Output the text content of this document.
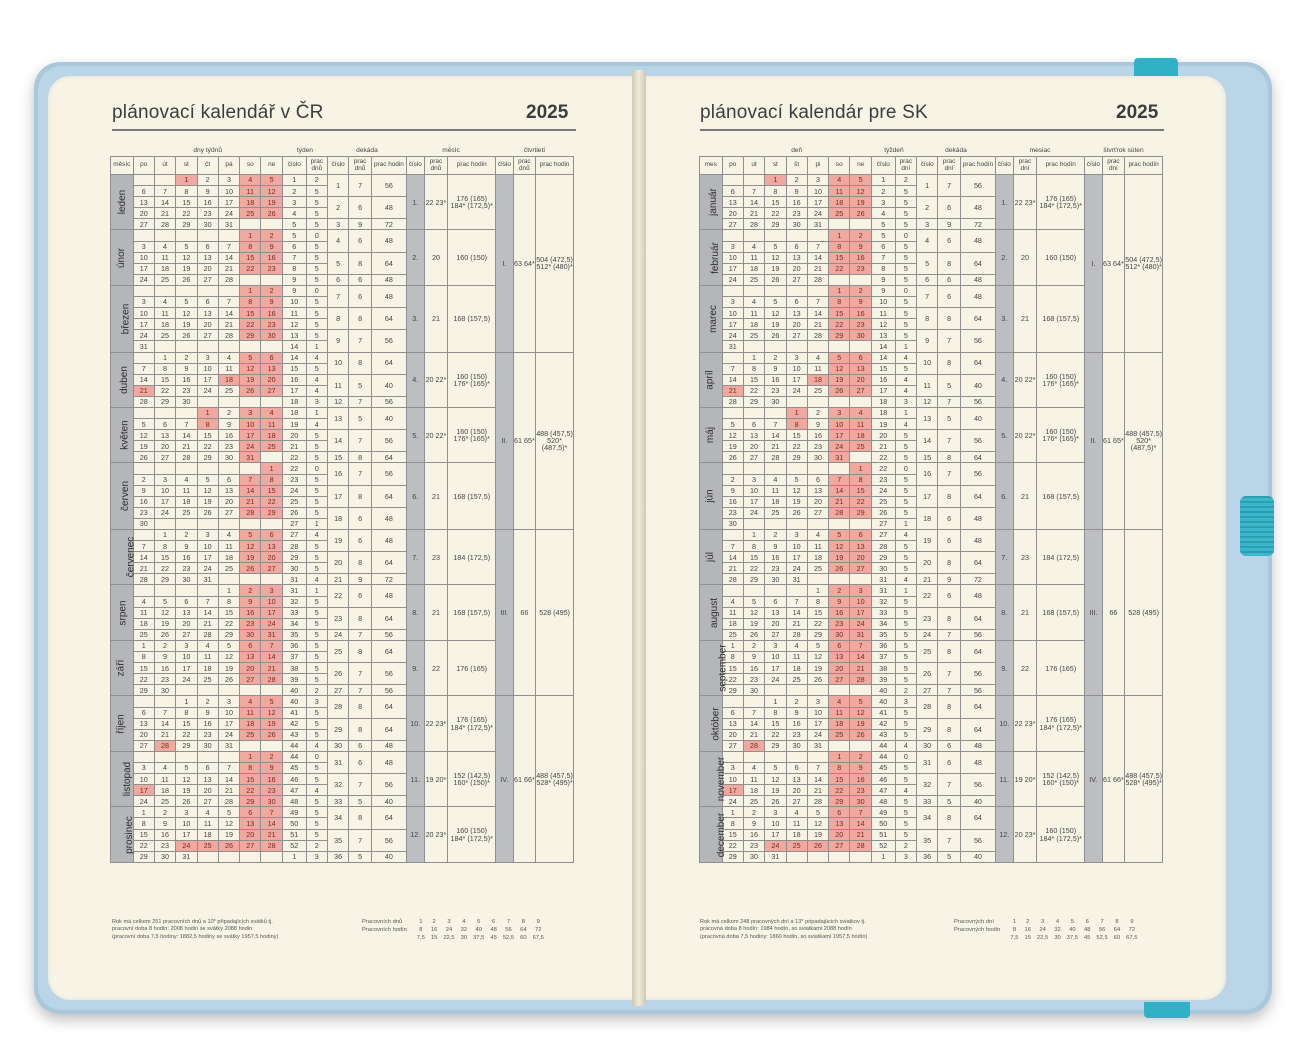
plánovací kalendář v ČR	2025	plánovací kalendár pre SK	2025
	dny týdnů							týden		dekáda			měsíc			čtvrtletí		
měsíc	po	út	st	čt	pá	so	ne	číslo	prac dnů	číslo	prac dnů	prac hodin	číslo	prac dnů	prac hodin	číslo	prac dnů	prac hodin
leden			1	2	3	4	5	1	2	1	7	56	1.	22 23*	176 (165) 184* (172,5)*	I.	63 64*	504 (472,5) 512* (480)*
	6	7	8	9	10	11	12	2	5									
	13	14	15	16	17	18	19	3	5	2	6	48						
	20	21	22	23	24	25	26	4	5									
	27	28	29	30	31			5	5	3	9	72						
únor						1	2	5	0	4	6	48	2.	20	160 (150)			
	3	4	5	6	7	8	9	6	5									
	10	11	12	13	14	15	16	7	5	5	8	64						
	17	18	19	20	21	22	23	8	5									
	24	25	26	27	28			9	5	6	6	48						
březen						1	2	9	0	7	6	48	3.	21	168 (157,5)			
	3	4	5	6	7	8	9	10	5									
	10	11	12	13	14	15	16	11	5	8	8	64						
	17	18	19	20	21	22	23	12	5									
	24	25	26	27	28	29	30	13	5	9	7	56						
	31							14	1									
duben		1	2	3	4	5	6	14	4	10	8	64	4.	20 22*	160 (150) 176* (165)*	II.	61 65*	488 (457,5) 520* (487,5)*
	7	8	9	10	11	12	13	15	5									
	14	15	16	17	18	19	20	16	4	11	5	40						
	21	22	23	24	25	26	27	17	4									
	28	29	30					18	3	12	7	56						
květen				1	2	3	4	18	1	13	5	40	5.	20 22*	160 (150) 176* (165)*			
	5	6	7	8	9	10	11	19	4									
	12	13	14	15	16	17	18	20	5	14	7	56						
	19	20	21	22	23	24	25	21	5									
	26	27	28	29	30	31		22	5	15	8	64						
červen							1	22	0	16	7	56	6.	21	168 (157,5)			
	2	3	4	5	6	7	8	23	5									
	9	10	11	12	13	14	15	24	5	17	8	64						
	16	17	18	19	20	21	22	25	5									
	23	24	25	26	27	28	29	26	5	18	6	48						
	30							27	1									
červenec		1	2	3	4	5	6	27	4	19	6	48	7.	23	184 (172,5)	III.	66	528 (495)
	7	8	9	10	11	12	13	28	5									
	14	15	16	17	18	19	20	29	5	20	8	64						
	21	22	23	24	25	26	27	30	5									
	28	29	30	31				31	4	21	9	72						
srpen					1	2	3	31	1	22	6	48	8.	21	168 (157,5)			
	4	5	6	7	8	9	10	32	5									
	11	12	13	14	15	16	17	33	5	23	8	64						
	18	19	20	21	22	23	24	34	5									
	25	26	27	28	29	30	31	35	5	24	7	56						
září	1	2	3	4	5	6	7	36	5	25	8	64	9.	22	176 (165)			
	8	9	10	11	12	13	14	37	5									
	15	16	17	18	19	20	21	38	5	26	7	56						
	22	23	24	25	26	27	28	39	5									
	29	30						40	2	27	7	56						
říjen			1	2	3	4	5	40	3	28	8	64	10.	22 23*	176 (165) 184* (172,5)*	IV.	61 66*	488 (457,5) 528* (495)*
	6	7	8	9	10	11	12	41	5									
	13	14	15	16	17	18	19	42	5	29	8	64						
	20	21	22	23	24	25	26	43	5									
	27	28	29	30	31			44	4	30	6	48						
listopad						1	2	44	0	31	6	48	11.	19 20*	152 (142,5) 160* (150)*			
	3	4	5	6	7	8	9	45	5									
	10	11	12	13	14	15	16	46	5	32	7	56						
	17	18	19	20	21	22	23	47	4									
	24	25	26	27	28	29	30	48	5	33	5	40						
prosinec	1	2	3	4	5	6	7	49	5	34	8	64	12.	20 23*	160 (150) 184* (172,5)*			
	8	9	10	11	12	13	14	50	5									
	15	16	17	18	19	20	21	51	5	35	7	56						
	22	23	24	25	26	27	28	52	2									
	29	30	31					1	3	36	5	40						
	deň							týždeň		dekáda			mesiac			štvrťrok súten		
mes	po	ut	st	št	pi	so	ne	číslo	prac dní	číslo	prac dní	prac hodín	číslo	prac dní	prac hodín	číslo	prac dní	prac hodín
január			1	2	3	4	5	1	2	1	7	56	1.	22 23*	176 (165) 184* (172,5)*	I.	63 64*	504 (472,5) 512* (480)*
	6	7	8	9	10	11	12	2	5									
	13	14	15	16	17	18	19	3	5	2	6	48						
	20	21	22	23	24	25	26	4	5									
	27	28	29	30	31			5	5	3	9	72						
február						1	2	5	0	4	6	48	2.	20	160 (150)			
	3	4	5	6	7	8	9	6	5									
	10	11	12	13	14	15	16	7	5	5	8	64						
	17	18	19	20	21	22	23	8	5									
	24	25	26	27	28			9	5	6	6	48						
marec						1	2	9	0	7	6	48	3.	21	168 (157,5)			
	3	4	5	6	7	8	9	10	5									
	10	11	12	13	14	15	16	11	5	8	8	64						
	17	18	19	20	21	22	23	12	5									
	24	25	26	27	28	29	30	13	5	9	7	56						
	31							14	1									
apríl		1	2	3	4	5	6	14	4	10	8	64	4.	20 22*	160 (150) 176* (165)*	II.	61 65*	488 (457,5) 520* (487,5)*
	7	8	9	10	11	12	13	15	5									
	14	15	16	17	18	19	20	16	4	11	5	40						
	21	22	23	24	25	26	27	17	4									
	28	29	30					18	3	12	7	56						
máj				1	2	3	4	18	1	13	5	40	5.	20 22*	160 (150) 176* (165)*			
	5	6	7	8	9	10	11	19	4									
	12	13	14	15	16	17	18	20	5	14	7	56						
	19	20	21	22	23	24	25	21	5									
	26	27	28	29	30	31		22	5	15	8	64						
jún							1	22	0	16	7	56	6.	21	168 (157,5)			
	2	3	4	5	6	7	8	23	5									
	9	10	11	12	13	14	15	24	5	17	8	64						
	16	17	18	19	20	21	22	25	5									
	23	24	25	26	27	28	29	26	5	18	6	48						
	30							27	1									
júl		1	2	3	4	5	6	27	4	19	6	48	7.	23	184 (172,5)	III.	66	528 (495)
	7	8	9	10	11	12	13	28	5									
	14	15	16	17	18	19	20	29	5	20	8	64						
	21	22	23	24	25	26	27	30	5									
	28	29	30	31				31	4	21	9	72						
august					1	2	3	31	1	22	6	48	8.	21	168 (157,5)			
	4	5	6	7	8	9	10	32	5									
	11	12	13	14	15	16	17	33	5	23	8	64						
	18	19	20	21	22	23	24	34	5									
	25	26	27	28	29	30	31	35	5	24	7	56						
september	1	2	3	4	5	6	7	36	5	25	8	64	9.	22	176 (165)			
	8	9	10	11	12	13	14	37	5									
	15	16	17	18	19	20	21	38	5	26	7	56						
	22	23	24	25	26	27	28	39	5									
	29	30						40	2	27	7	56						
október			1	2	3	4	5	40	3	28	8	64	10.	22 23*	176 (165) 184* (172,5)*	IV.	61 66*	488 (457,5) 528* (495)*
	6	7	8	9	10	11	12	41	5									
	13	14	15	16	17	18	19	42	5	29	8	64						
	20	21	22	23	24	25	26	43	5									
	27	28	29	30	31			44	4	30	6	48						
november						1	2	44	0	31	6	48	11.	19 20*	152 (142,5) 160* (150)*			
	3	4	5	6	7	8	9	45	5									
	10	11	12	13	14	15	16	46	5	32	7	56						
	17	18	19	20	21	22	23	47	4									
	24	25	26	27	28	29	30	48	5	33	5	40						
december	1	2	3	4	5	6	7	49	5	34	8	64	12.	20 23*	160 (150) 184* (172,5)*			
	8	9	10	11	12	13	14	50	5									
	15	16	17	18	19	20	21	51	5	35	7	56						
	22	23	24	25	26	27	28	52	2									
	29	30	31					1	3	36	5	40						
Rok má celkem 251 pracovních dnů a 10* připadajících svátků tj.
pracovní doba 8 hodin: 2008 hodin se svátky 2088 hodin
(pracovní doba 7,5 hodiny: 1882,5 hodiny se svátky 1957,5 hodiny)
Pracovních dnů	1	2	3	4	5	6	7	8	9
Pracovních hodin	8	16	24	32	40	48	56	64	72
	7,5	15	22,5	30	37,5	45	52,5	60	67,5
Rok má celkom 248 pracovných dní a 13* pripadajúcich sviatkov tj.
pracovná doba 8 hodín: 1984 hodín, so sviatkami 2088 hodín
(pracovná doba 7,5 hodiny: 1860 hodín, so sviatkami 1957,5 hodín)
Pracovných dní	1	2	3	4	5	6	7	8	9
Pracovných hodín	8	16	24	32	40	48	56	64	72
	7,5	15	22,5	30	37,5	45	52,5	60	67,5
